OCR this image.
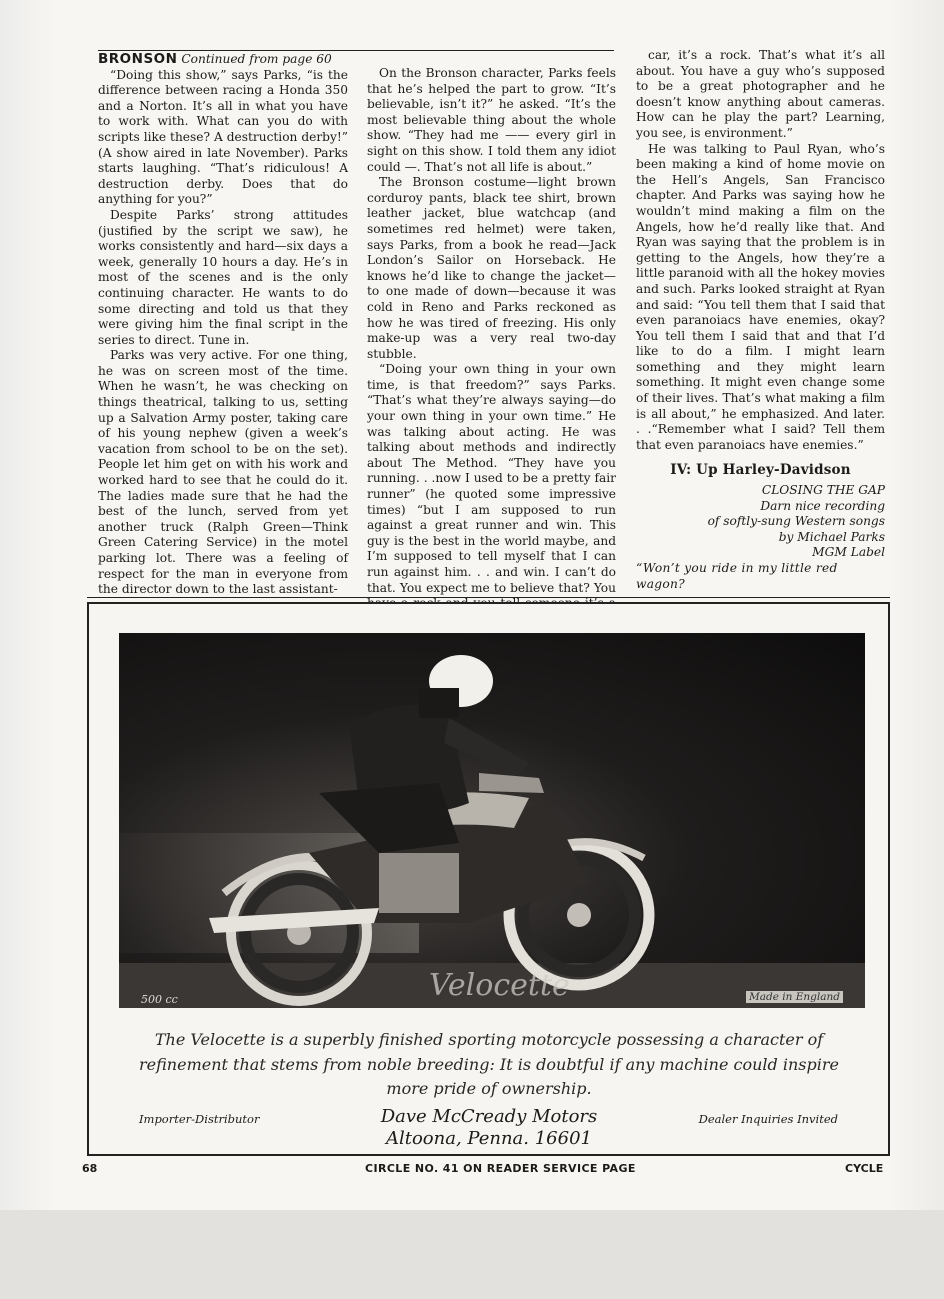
BRONSON Continued from page 60

“Doing this show,” says Parks, “is the difference between racing a Honda 350 and a Norton. It’s all in what you have to work with. What can you do with scripts like these? A destruction derby!” (A show aired in late November). Parks starts laughing. “That’s ridiculous! A destruction derby. Does that do anything for you?”

Despite Parks’ strong attitudes (justified by the script we saw), he works consistently and hard—six days a week, generally 10 hours a day. He’s in most of the scenes and is the only continuing character. He wants to do some directing and told us that they were giving him the final script in the series to direct. Tune in.

Parks was very active. For one thing, he was on screen most of the time. When he wasn’t, he was checking on things theatrical, talking to us, setting up a Salvation Army poster, taking care of his young nephew (given a week’s vacation from school to be on the set). People let him get on with his work and worked hard to see that he could do it. The ladies made sure that he had the best of the lunch, served from yet another truck (Ralph Green—Think Green Catering Service) in the motel parking lot. There was a feeling of respect for the man in everyone from the director down to the last assistant-

On the Bronson character, Parks feels that he’s helped the part to grow. “It’s believable, isn’t it?” he asked. “It’s the most believable thing about the whole show. “They had me —— every girl in sight on this show. I told them any idiot could —. That’s not all life is about.”

The Bronson costume—light brown corduroy pants, black tee shirt, brown leather jacket, blue watchcap (and sometimes red helmet) were taken, says Parks, from a book he read—Jack London’s Sailor on Horseback. He knows he’d like to change the jacket—to one made of down—because it was cold in Reno and Parks reckoned as how he was tired of freezing. His only make-up was a very real two-day stubble.

“Doing your own thing in your own time, is that freedom?” says Parks. “That’s what they’re always saying—do your own thing in your own time.” He was talking about acting. He was talking about methods and indirectly about The Method. “They have you running. . .now I used to be a pretty fair runner” (he quoted some impressive times) “but I am supposed to run against a great runner and win. This guy is the best in the world maybe, and I’m supposed to tell myself that I can run against him. . . and win. I can’t do that. You expect me to believe that? You

car, it’s a rock. That’s what it’s all about. You have a guy who’s supposed to be a great photographer and he doesn’t know anything about cameras. How can he play the part? Learning, you see, is environment.”

He was talking to Paul Ryan, who’s been making a kind of home movie on the Hell’s Angels, San Francisco chapter. And Parks was saying how he wouldn’t mind making a film on the Angels, how he’d really like that. And Ryan was saying that the problem is in getting to the Angels, how they’re a little paranoid with all the hokey movies and such. Parks looked straight at Ryan and said: “You tell them that I said that even paranoiacs have enemies, okay? You tell them I said that and that I’d like to do a film. I might learn something and they might learn something. It might even change some of their lives. That’s what making a film is all about,” he emphasized. And later. . .“Remember what I said? Tell them that even paranoiacs have enemies.”

IV: Up Harley-Davidson
CLOSING THE GAP
Darn nice recording
of softly-sung Western songs
by Michael Parks
MGM Label

“Won’t you ride in my little red wagon?

500 cc	Velocette	Made in England
The Velocette is a superbly finished sporting motorcycle possessing a character of refinement that stems from noble breeding: It is doubtful if any machine could inspire more pride of ownership.
Importer-Distributor	Dave McCready Motors
Altoona, Penna. 16601
Dealer Inquiries Invited
68	CIRCLE NO. 41 ON READER SERVICE PAGE	CYCLE
